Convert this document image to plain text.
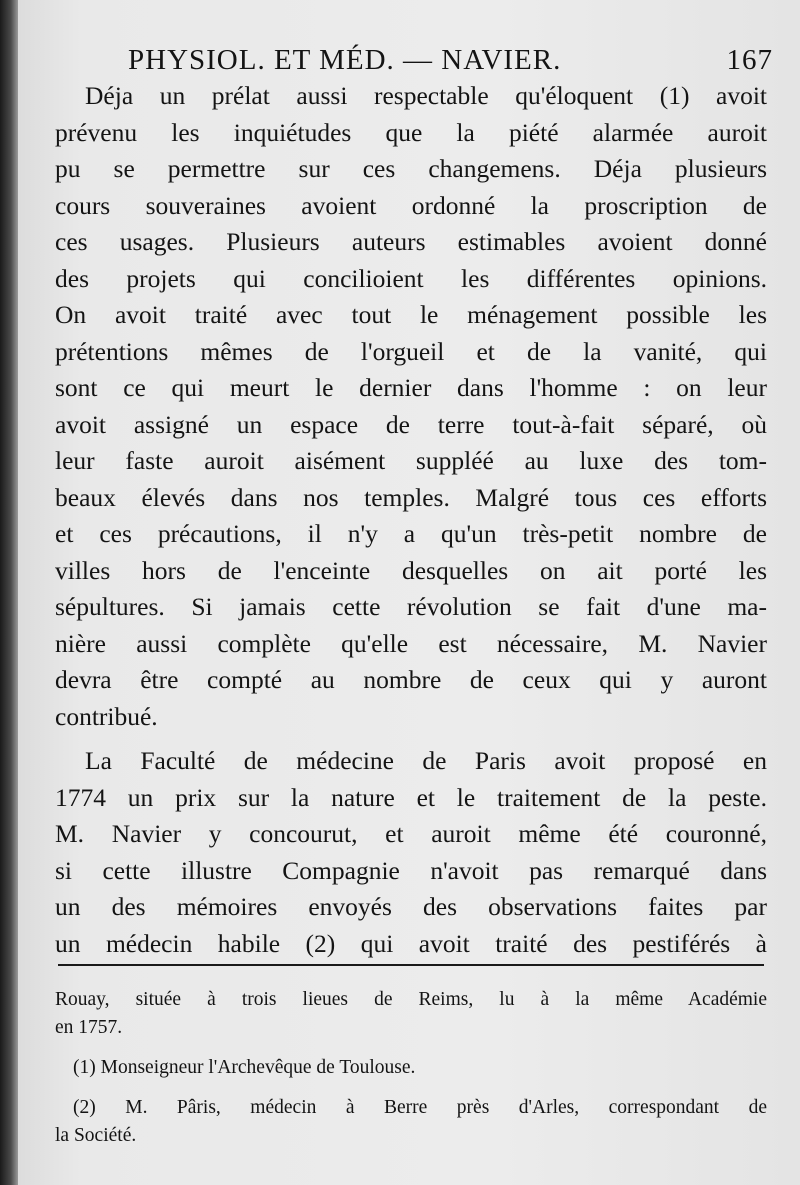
PHYSIOL. ET MÉD. — NAVIER.	167
Déja un prélat aussi respectable qu'éloquent (1) avoit
prévenu les inquiétudes que la piété alarmée auroit
pu se permettre sur ces changemens. Déja plusieurs
cours souveraines avoient ordonné la proscription de
ces usages. Plusieurs auteurs estimables avoient donné
des projets qui concilioient les différentes opinions.
On avoit traité avec tout le ménagement possible les
prétentions mêmes de l'orgueil et de la vanité, qui
sont ce qui meurt le dernier dans l'homme : on leur
avoit assigné un espace de terre tout-à-fait séparé, où
leur faste auroit aisément suppléé au luxe des tom-
beaux élevés dans nos temples. Malgré tous ces efforts
et ces précautions, il n'y a qu'un très-petit nombre de
villes hors de l'enceinte desquelles on ait porté les
sépultures. Si jamais cette révolution se fait d'une ma-
nière aussi complète qu'elle est nécessaire, M. Navier
devra être compté au nombre de ceux qui y auront
contribué.
La Faculté de médecine de Paris avoit proposé en
1774 un prix sur la nature et le traitement de la peste.
M. Navier y concourut, et auroit même été couronné,
si cette illustre Compagnie n'avoit pas remarqué dans
un des mémoires envoyés des observations faites par
un médecin habile (2) qui avoit traité des pestiférés à
Rouay, située à trois lieues de Reims, lu à la même Académie
en 1757.
(1) Monseigneur l'Archevêque de Toulouse.
(2) M. Pâris, médecin à Berre près d'Arles, correspondant de
la Société.
